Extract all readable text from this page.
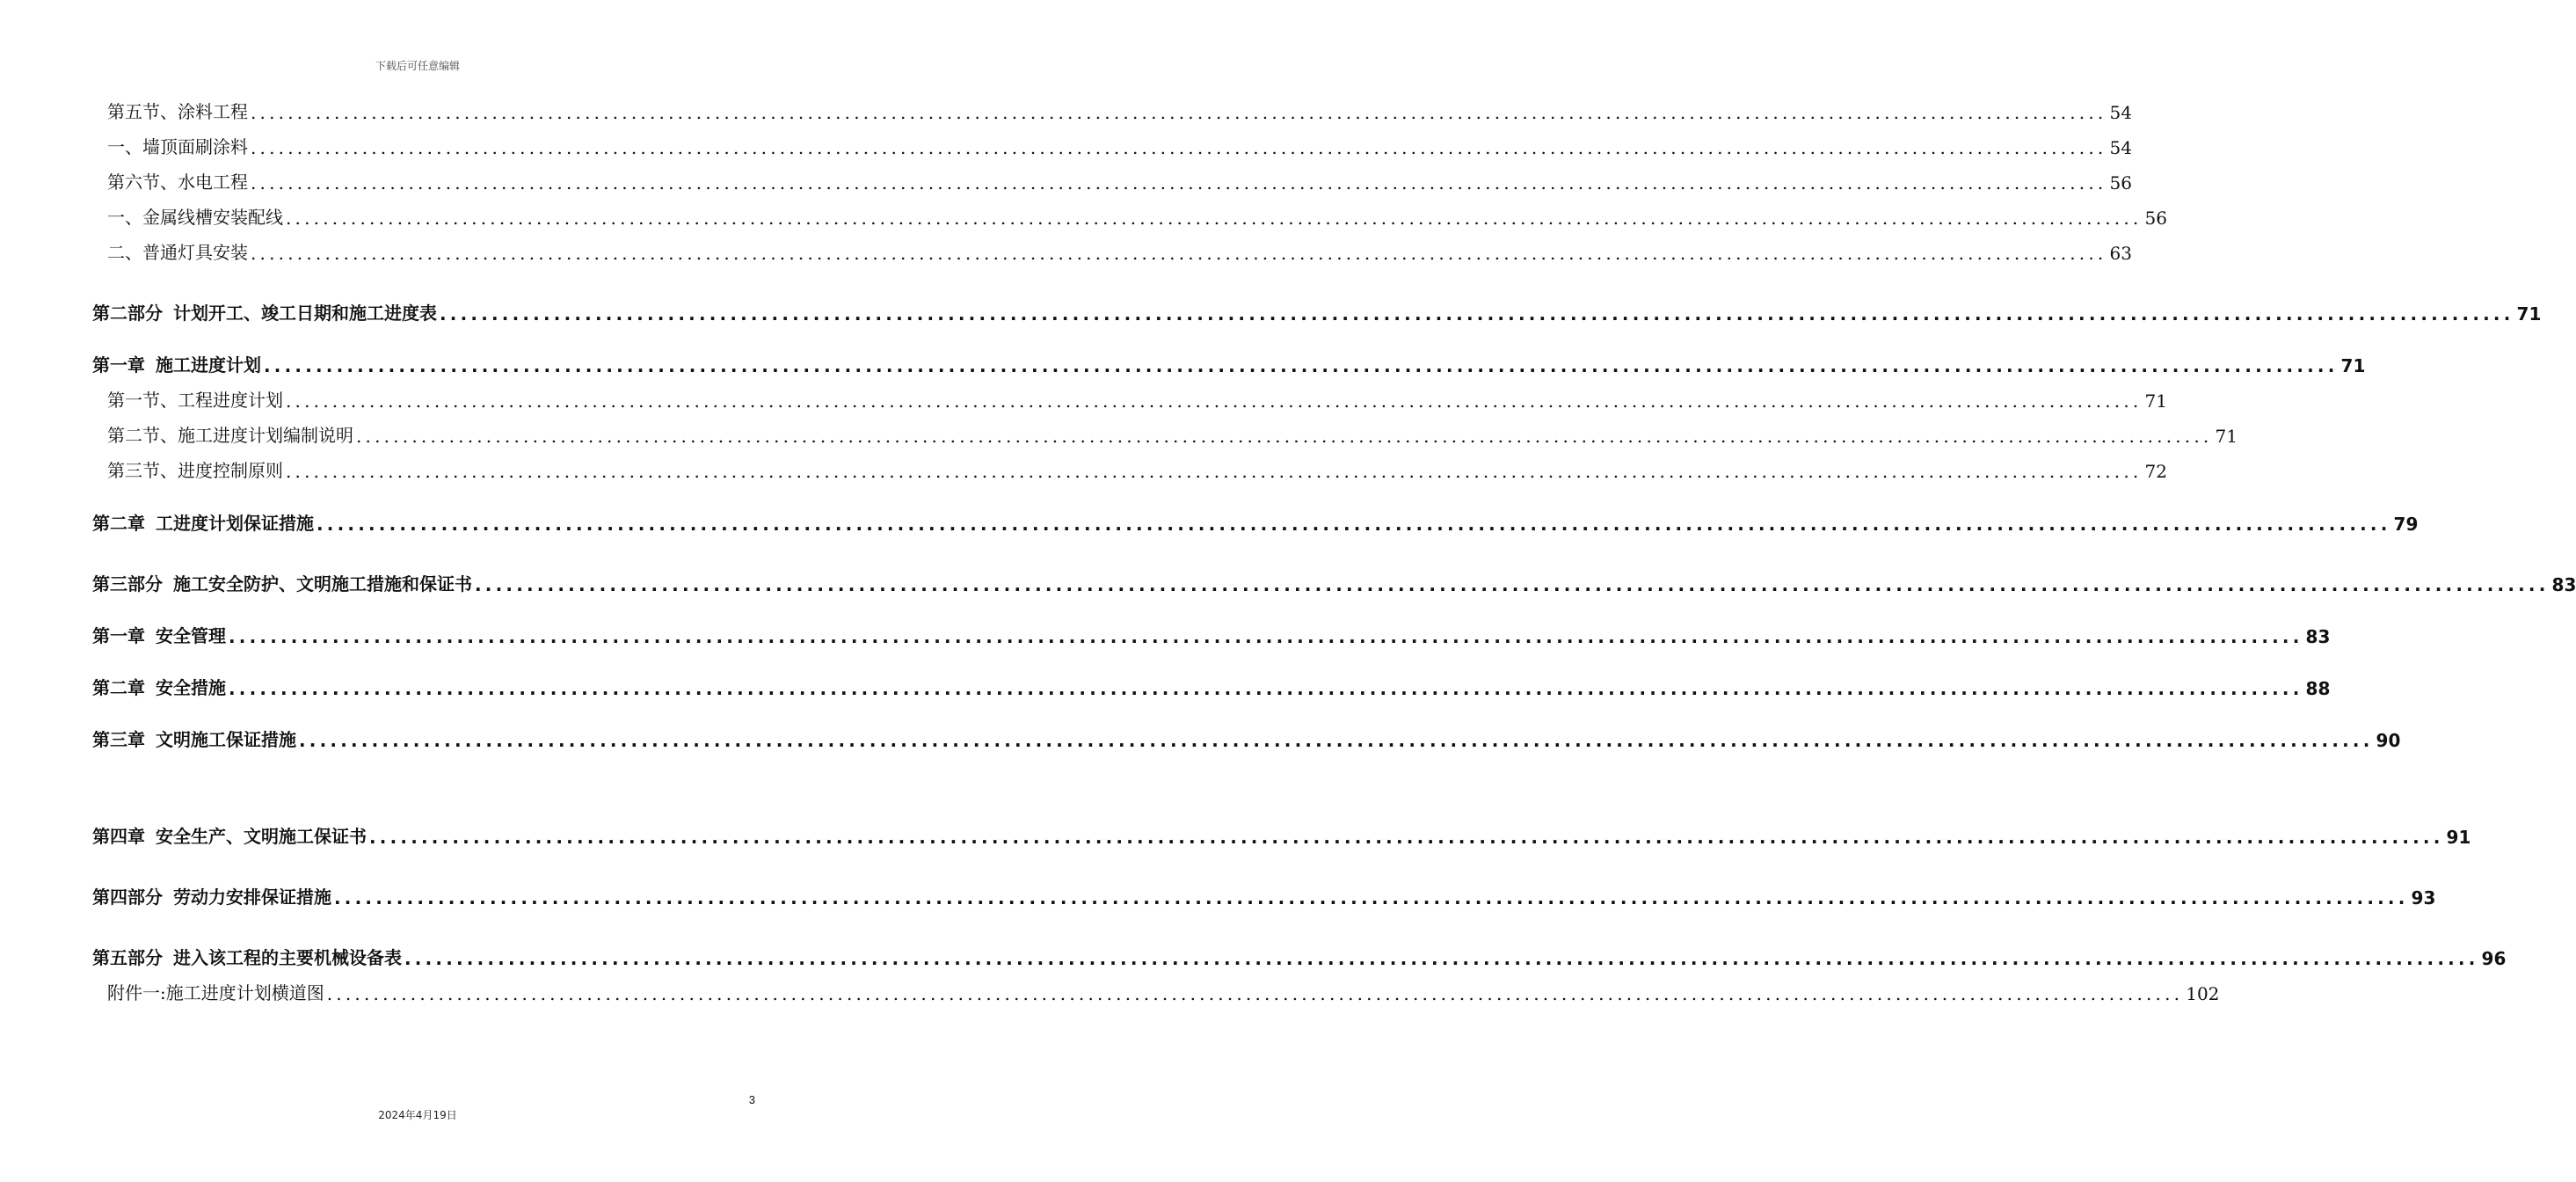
下载后可任意编辑
第五节、涂料工程 ........................................................................................................................................................................................................ 54
一、墙顶面刷涂料 ........................................................................................................................................................................................................ 54
第六节、水电工程 ........................................................................................................................................................................................................ 56
一、金属线槽安装配线 ........................................................................................................................................................................................................ 56
二、普通灯具安装 ........................................................................................................................................................................................................ 63
第二部分 计划开工、竣工日期和施工进度表 ........................................................................................................................................................................................................ 71
第一章 施工进度计划 ........................................................................................................................................................................................................ 71
第一节、工程进度计划 ........................................................................................................................................................................................................ 71
第二节、施工进度计划编制说明 ........................................................................................................................................................................................................ 71
第三节、进度控制原则 ........................................................................................................................................................................................................ 72
第二章 工进度计划保证措施 ........................................................................................................................................................................................................ 79
第三部分 施工安全防护、文明施工措施和保证书 ........................................................................................................................................................................................................ 83
第一章 安全管理 ........................................................................................................................................................................................................ 83
第二章 安全措施 ........................................................................................................................................................................................................ 88
第三章 文明施工保证措施 ........................................................................................................................................................................................................ 90
第四章 安全生产、文明施工保证书 ........................................................................................................................................................................................................ 91
第四部分 劳动力安排保证措施 ........................................................................................................................................................................................................ 93
第五部分 进入该工程的主要机械设备表 ........................................................................................................................................................................................................ 96
附件一:施工进度计划横道图 ........................................................................................................................................................................................................ 102
3
2024年4月19日
